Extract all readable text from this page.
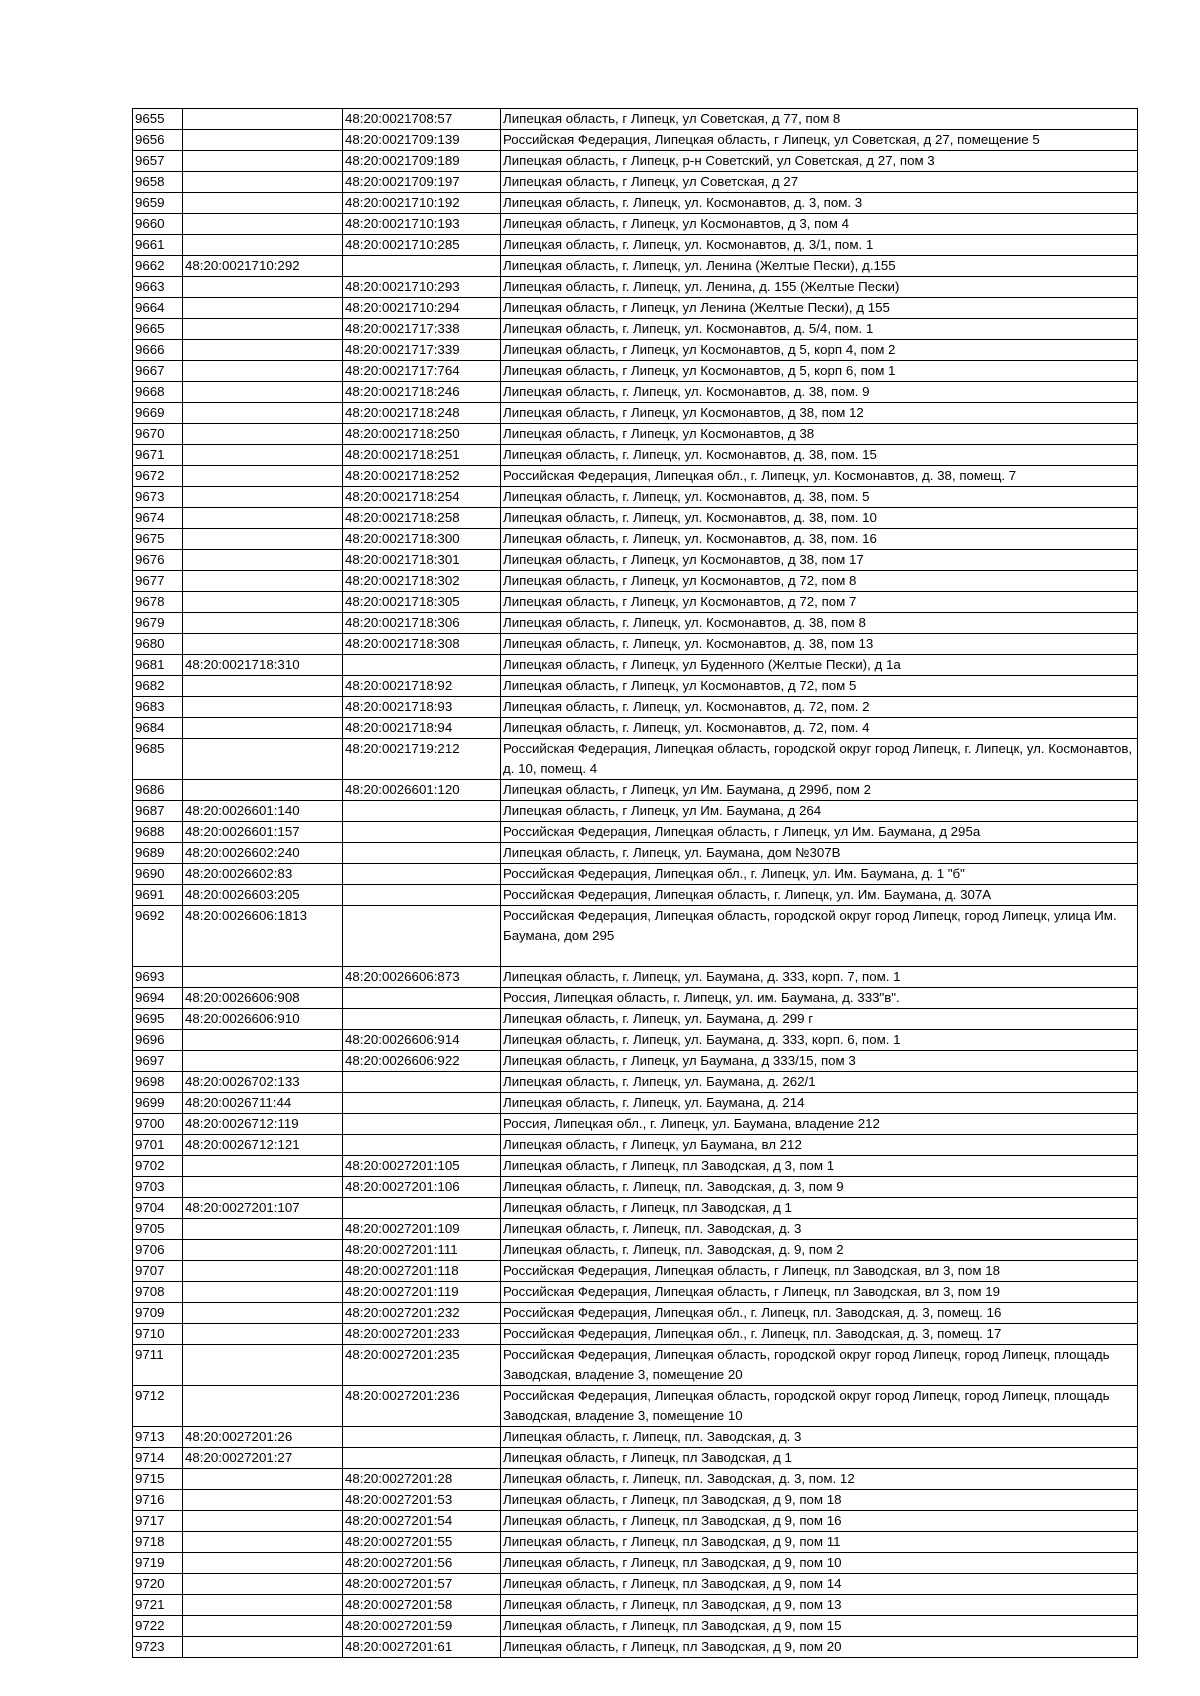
9655		48:20:0021708:57	Липецкая область, г Липецк, ул Советская, д 77, пом 8
9656		48:20:0021709:139	Российская Федерация, Липецкая область, г Липецк, ул Советская, д 27, помещение 5
9657		48:20:0021709:189	Липецкая область, г Липецк, р-н Советский, ул Советская, д 27, пом 3
9658		48:20:0021709:197	Липецкая область, г Липецк, ул Советская, д 27
9659		48:20:0021710:192	Липецкая область, г. Липецк, ул. Космонавтов, д. 3, пом. 3
9660		48:20:0021710:193	Липецкая область, г Липецк, ул Космонавтов, д 3, пом 4
9661		48:20:0021710:285	Липецкая область, г. Липецк, ул. Космонавтов, д. 3/1, пом. 1
9662	48:20:0021710:292		Липецкая область, г. Липецк, ул. Ленина (Желтые Пески), д.155
9663		48:20:0021710:293	Липецкая область, г. Липецк, ул. Ленина, д. 155 (Желтые Пески)
9664		48:20:0021710:294	Липецкая область, г Липецк, ул Ленина (Желтые Пески), д 155
9665		48:20:0021717:338	Липецкая область, г. Липецк, ул. Космонавтов, д. 5/4, пом. 1
9666		48:20:0021717:339	Липецкая область, г Липецк, ул Космонавтов, д 5, корп 4, пом 2
9667		48:20:0021717:764	Липецкая область, г Липецк, ул Космонавтов, д 5, корп 6, пом 1
9668		48:20:0021718:246	Липецкая область, г. Липецк, ул. Космонавтов, д. 38, пом. 9
9669		48:20:0021718:248	Липецкая область, г Липецк, ул Космонавтов, д 38, пом 12
9670		48:20:0021718:250	Липецкая область, г Липецк, ул Космонавтов, д 38
9671		48:20:0021718:251	Липецкая область, г. Липецк, ул. Космонавтов, д. 38, пом. 15
9672		48:20:0021718:252	Российская Федерация, Липецкая обл., г. Липецк, ул. Космонавтов, д. 38, помещ. 7
9673		48:20:0021718:254	Липецкая область, г. Липецк, ул. Космонавтов, д. 38, пом. 5
9674		48:20:0021718:258	Липецкая область, г. Липецк, ул. Космонавтов, д. 38, пом. 10
9675		48:20:0021718:300	Липецкая область, г. Липецк, ул. Космонавтов, д. 38, пом. 16
9676		48:20:0021718:301	Липецкая область, г Липецк, ул Космонавтов, д 38, пом 17
9677		48:20:0021718:302	Липецкая область, г Липецк, ул Космонавтов, д 72, пом 8
9678		48:20:0021718:305	Липецкая область, г Липецк, ул Космонавтов, д 72, пом 7
9679		48:20:0021718:306	Липецкая область, г. Липецк, ул. Космонавтов, д. 38, пом 8
9680		48:20:0021718:308	Липецкая область, г. Липецк, ул. Космонавтов, д. 38, пом 13
9681	48:20:0021718:310		Липецкая область, г Липецк, ул Буденного (Желтые Пески), д 1а
9682		48:20:0021718:92	Липецкая область, г Липецк, ул Космонавтов, д 72, пом 5
9683		48:20:0021718:93	Липецкая область, г. Липецк, ул. Космонавтов, д. 72, пом. 2
9684		48:20:0021718:94	Липецкая область, г. Липецк, ул. Космонавтов, д. 72, пом. 4
9685		48:20:0021719:212	Российская Федерация, Липецкая область, городской округ город Липецк, г. Липецк, ул. Космонавтов, д. 10, помещ. 4
9686		48:20:0026601:120	Липецкая область, г Липецк, ул Им. Баумана, д 299б, пом 2
9687	48:20:0026601:140		Липецкая область, г Липецк, ул Им. Баумана, д 264
9688	48:20:0026601:157		Российская Федерация, Липецкая область, г Липецк, ул Им. Баумана, д 295а
9689	48:20:0026602:240		Липецкая область, г. Липецк, ул. Баумана, дом №307В
9690	48:20:0026602:83		Российская Федерация, Липецкая обл., г. Липецк, ул. Им. Баумана, д. 1 "б"
9691	48:20:0026603:205		Российская Федерация, Липецкая область, г. Липецк, ул. Им. Баумана, д. 307А
9692	48:20:0026606:1813		Российская Федерация, Липецкая область, городской округ город Липецк, город Липецк, улица Им.
Баумана, дом 295
9693		48:20:0026606:873	Липецкая область, г. Липецк, ул. Баумана, д. 333, корп. 7, пом. 1
9694	48:20:0026606:908		Россия, Липецкая область, г. Липецк, ул. им. Баумана, д. 333"в".
9695	48:20:0026606:910		Липецкая область, г. Липецк, ул. Баумана, д. 299 г
9696		48:20:0026606:914	Липецкая область, г. Липецк, ул. Баумана, д. 333, корп. 6, пом. 1
9697		48:20:0026606:922	Липецкая область, г Липецк, ул Баумана, д 333/15, пом 3
9698	48:20:0026702:133		Липецкая область, г. Липецк, ул. Баумана, д. 262/1
9699	48:20:0026711:44		Липецкая область, г. Липецк, ул. Баумана, д. 214
9700	48:20:0026712:119		Россия, Липецкая обл., г. Липецк, ул. Баумана, владение 212
9701	48:20:0026712:121		Липецкая область, г Липецк, ул Баумана, вл 212
9702		48:20:0027201:105	Липецкая область, г Липецк, пл Заводская, д 3, пом 1
9703		48:20:0027201:106	Липецкая область, г. Липецк, пл. Заводская, д. 3, пом 9
9704	48:20:0027201:107		Липецкая область, г Липецк, пл Заводская, д 1
9705		48:20:0027201:109	Липецкая область, г. Липецк, пл. Заводская, д. 3
9706		48:20:0027201:111	Липецкая область, г. Липецк, пл. Заводская, д. 9, пом 2
9707		48:20:0027201:118	Российская Федерация, Липецкая область, г Липецк, пл Заводская, вл 3, пом 18
9708		48:20:0027201:119	Российская Федерация, Липецкая область, г Липецк, пл Заводская, вл 3, пом 19
9709		48:20:0027201:232	Российская Федерация, Липецкая обл., г. Липецк, пл. Заводская, д. 3, помещ. 16
9710		48:20:0027201:233	Российская Федерация, Липецкая обл., г. Липецк, пл. Заводская, д. 3, помещ. 17
9711		48:20:0027201:235	Российская Федерация, Липецкая область, городской округ город Липецк, город Липецк, площадь Заводская, владение 3, помещение 20
9712		48:20:0027201:236	Российская Федерация, Липецкая область, городской округ город Липецк, город Липецк, площадь Заводская, владение 3, помещение 10
9713	48:20:0027201:26		Липецкая область, г. Липецк, пл. Заводская, д. 3
9714	48:20:0027201:27		Липецкая область, г Липецк, пл Заводская, д 1
9715		48:20:0027201:28	Липецкая область, г. Липецк, пл. Заводская, д. 3, пом. 12
9716		48:20:0027201:53	Липецкая область, г Липецк, пл Заводская, д 9, пом 18
9717		48:20:0027201:54	Липецкая область, г Липецк, пл Заводская, д 9, пом 16
9718		48:20:0027201:55	Липецкая область, г Липецк, пл Заводская, д 9, пом 11
9719		48:20:0027201:56	Липецкая область, г Липецк, пл Заводская, д 9, пом 10
9720		48:20:0027201:57	Липецкая область, г Липецк, пл Заводская, д 9, пом 14
9721		48:20:0027201:58	Липецкая область, г Липецк, пл Заводская, д 9, пом 13
9722		48:20:0027201:59	Липецкая область, г Липецк, пл Заводская, д 9, пом 15
9723		48:20:0027201:61	Липецкая область, г Липецк, пл Заводская, д 9, пом 20
